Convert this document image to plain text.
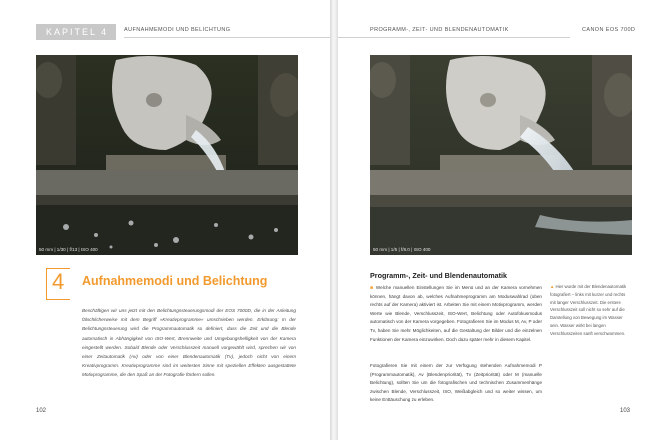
KAPITEL 4	AUFNAHMEMODI UND BELICHTUNG
50 mm | 1/30 | f/13 | ISO 400
4 Aufnahmemodi und Belichtung
Beschäftigen wir uns jetzt mit den Belichtungssteuerungsmodi der EOS 7000D, die in der Anleitung fälschlicherweise mit dem Begriff »Kreativprogramme« umschrieben werden. Erklärung: In der Belichtungssteuerung wird die Programmautomatik so definiert, dass die Zeit und die Blende automatisch in Abhängigkeit von ISO-Wert, Brennweite und Umgebungshelligkeit von der Kamera eingestellt werden. Sobald Blende oder Verschlusszeit manuell vorgewählt wird, sprechen wir von einer Zeitautomatik (Av) oder von einer Blendenautomatik (Tv), jedoch nicht von einem Kreativprogramm. Kreativprogramme sind im weitesten Sinne mit speziellen Effekten ausgestattete Motivprogramme, die den Spaß an der Fotografie fördern sollen.
102
PROGRAMM-, ZEIT- UND BLENDENAUTOMATIK	CANON EOS 700D
50 mm | 1/5 | f/8.0 | ISO 400
Programm-, Zeit- und Blendenautomatik
■ Welche manuellen Einstellungen Sie im Menü und an der Kamera vornehmen können, hängt davon ab, welches Aufnahmeprogramm am Moduswahlrad (oben rechts auf der Kamera) aktiviert ist. Arbeiten Sie mit einem Motivprogramm, werden Werte wie Blende, Verschlusszeit, ISO-Wert, Belichtung oder Autofokusmodus automatisch von der Kamera vorgegeben. Fotografieren Sie im Modus M, Av, P oder Tv, haben Sie mehr Möglichkeiten, auf die Gestaltung der Bilder und die einzelnen Funktionen der Kamera einzuwirken. Doch dazu später mehr in diesem Kapitel.
Fotografieren Sie mit einem der zur Verfügung stehenden Aufnahmemodi P (Programmautomatik), Av (Blendenpriorität), Tv (Zeitpriorität) oder M (manuelle Belichtung), sollten Sie um die fotografischen und technischen Zusammenhänge zwischen Blende, Verschlusszeit, ISO, Weißabgleich und so weiter wissen, um keine Enttäuschung zu erleben.
▲ Hier wurde mit der Blendenautomatik fotografiert – links mit kurzer und rechts mit langer Verschlusszeit. Die erstere Verschlusszeit soll nicht so sehr auf die Darstellung von Bewegung im Wasser sein. Wasser wirkt bei langen Verschlusszeiten sanft verschwommen.
103
